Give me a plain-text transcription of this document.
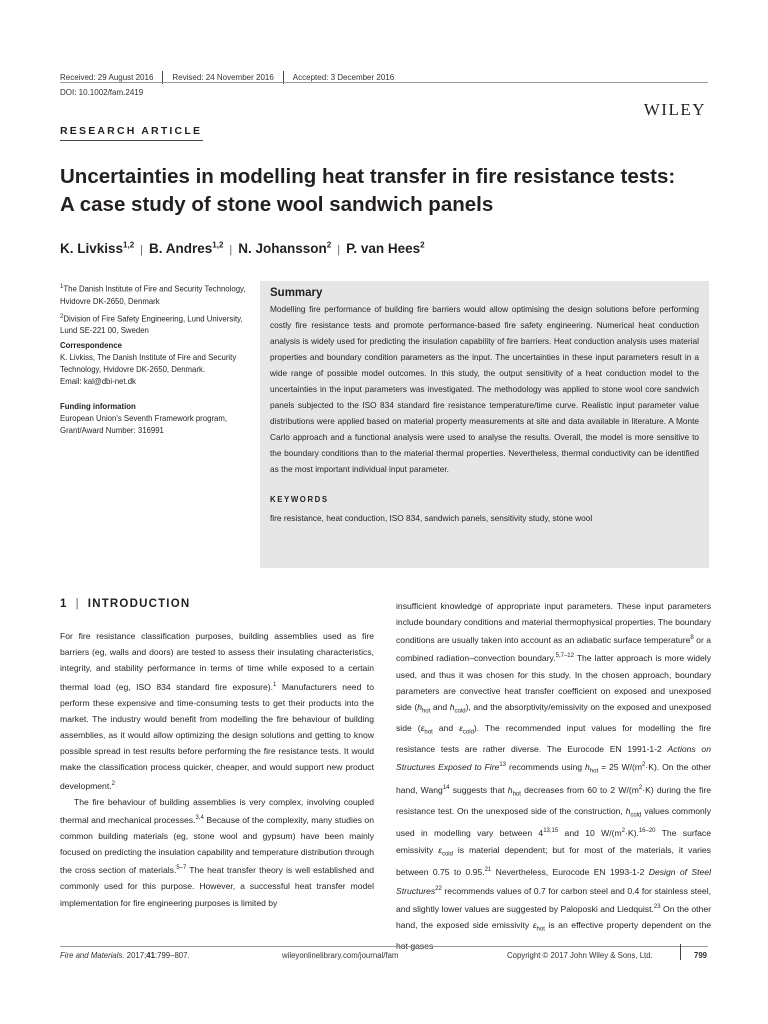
Received: 29 August 2016 Revised: 24 November 2016 Accepted: 3 December 2016
DOI: 10.1002/fam.2419
WILEY
RESEARCH ARTICLE
Uncertainties in modelling heat transfer in fire resistance tests:
A case study of stone wool sandwich panels
K. Livkiss$^{1,2}$ | B. Andres$^{1,2}$ | N. Johansson$^2$ | P. van Hees$^2$
$^1$The Danish Institute of Fire and Security Technology, Hvidovre DK-2650, Denmark
$^2$Division of Fire Safety Engineering, Lund University, Lund SE-221 00, Sweden
Correspondence
K. Livkiss, The Danish Institute of Fire and Security Technology, Hvidovre DK-2650, Denmark.
Email: kal@dbi-net.dk
Funding information
European Union's Seventh Framework program, Grant/Award Number: 316991
Summary
Modelling fire performance of building fire barriers would allow optimising the design solutions before performing costly fire resistance tests and promote performance-based fire safety engineering. Numerical heat conduction analysis is widely used for predicting the insulation capability of fire barriers. Heat conduction analysis uses material properties and boundary condition parameters as the input. The uncertainties in these input parameters result in a wide range of possible model outcomes. In this study, the output sensitivity of a heat conduction model to the uncertainties in the input parameters was investigated. The methodology was applied to stone wool core sandwich panels subjected to the ISO 834 standard fire resistance temperature/time curve. Realistic input parameter value distributions were applied based on material property measurements at site and data available in literature. A Monte Carlo approach and a functional analysis were used to analyse the results. Overall, the model is more sensitive to the boundary conditions than to the material thermal properties. Nevertheless, thermal conductivity can be identified as the most important individual input parameter.
KEYWORDS
fire resistance, heat conduction, ISO 834, sandwich panels, sensitivity study, stone wool
1 | INTRODUCTION

For fire resistance classification purposes, building assemblies used as fire barriers (eg, walls and doors) are tested to assess their insulating characteristics, integrity, and stability performance in terms of time while exposed to a certain thermal load (eg, ISO 834 standard fire exposure).$^1$ Manufacturers need to perform these expensive and time-consuming tests to get their products into the market. The industry would benefit from modelling the fire behaviour of building assemblies, as it would allow optimizing the design solutions and getting to know possible spread in test results before performing the fire resistance tests. It would make the classification process quicker, cheaper, and would support new product development.$^2$

The fire behaviour of building assemblies is very complex, involving coupled thermal and mechanical processes.$^{3,4}$ Because of the complexity, many studies on common building materials (eg, stone wool and gypsum) have been mainly focused on predicting the insulation capability and temperature distribution through the cross section of materials.$^{5-7}$ The heat transfer theory is well established and commonly used for this purpose. However, a successful heat transfer model implementation for fire engineering purposes is limited by

insufficient knowledge of appropriate input parameters. These input parameters include boundary conditions and material thermophysical properties. The boundary conditions are usually taken into account as an adiabatic surface temperature$^8$ or a combined radiation–convection boundary.$^{5,7-12}$ The latter approach is more widely used, and thus it was chosen for this study. In the chosen approach, boundary parameters are convective heat transfer coefficient on exposed and unexposed side ($h_{hot}$ and $h_{cold}$), and the absorptivity/emissivity on the exposed and unexposed side ($\varepsilon_{hot}$ and $\varepsilon_{cold}$). The recommended input values for modelling the fire resistance tests are rather diverse. The Eurocode EN 1991-1-2 Actions on Structures Exposed to Fire$^{13}$ recommends using $h_{hot} = 25$ $W/(m^2\cdot K)$. On the other hand, Wang$^{14}$ suggests that $h_{hot}$ decreases from 60 to 2 $W/(m^2\cdot K)$ during the fire resistance test. On the unexposed side of the construction, $h_{cold}$ values commonly used in modelling vary between 4$^{13,15}$ and 10 $W/(m^2\cdot K).^{16-20}$ The surface emissivity $\varepsilon_{cold}$ is material dependent; but for most of the materials, it varies between 0.75 to 0.95.21 Nevertheless, Eurocode EN 1993-1-2 Design of Steel Structures$^{22}$ recommends values of 0.7 for carbon steel and 0.4 for stainless steel, and slightly lower values are suggested by Paloposki and Liedquist.$^{23}$ On the other hand, the exposed side emissivity $\varepsilon_{hot}$ is an effective property dependent on the

Fire and Materials. 2017;41:799–807.	wileyonlinelibrary.com/journal/fam	Copyright © 2017 John Wiley & Sons, Ltd.	799
